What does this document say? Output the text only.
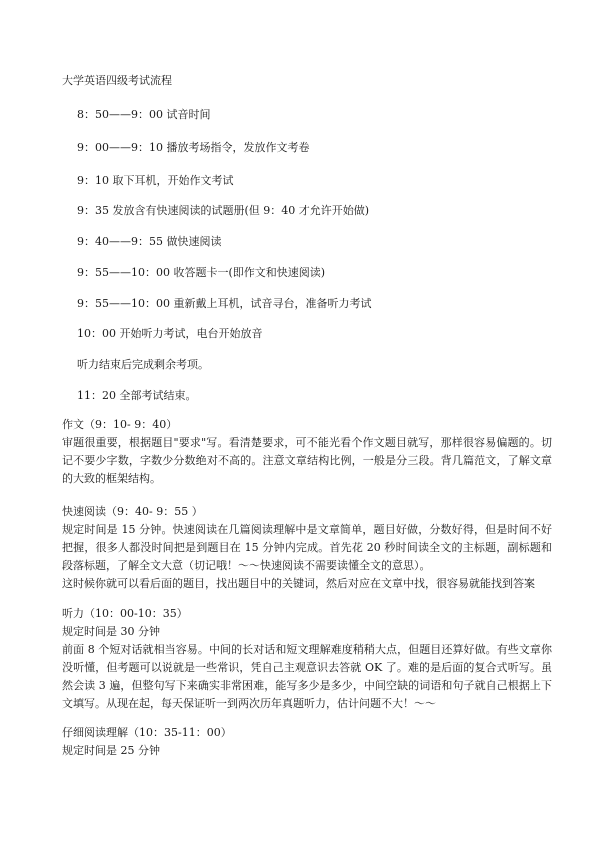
大学英语四级考试流程
8：50——9：00 试音时间
9：00——9：10 播放考场指令，发放作文考卷
9：10 取下耳机，开始作文考试
9：35 发放含有快速阅读的试题册(但 9：40 才允许开始做)
9：40——9：55 做快速阅读
9：55——10：00 收答题卡一(即作文和快速阅读)
9：55——10：00 重新戴上耳机，试音寻台，准备听力考试
10：00 开始听力考试，电台开始放音
听力结束后完成剩余考项。
11：20 全部考试结束。

作文（9：10- 9：40）

审题很重要，根据题目"要求"写。看清楚要求，可不能光看个作文题目就写，那样很容易偏题的。切记不要少字数，字数少分数绝对不高的。注意文章结构比例，一般是分三段。背几篇范文，了解文章的大致的框架结构。

快速阅读（9：40- 9：55 ）

规定时间是 15 分钟。快速阅读在几篇阅读理解中是文章简单，题目好做，分数好得，但是时间不好把握，很多人都没时间把是到题目在 15 分钟内完成。首先花 20 秒时间读全文的主标题，副标题和段落标题，了解全文大意（切记哦！～～快速阅读不需要读懂全文的意思）。

这时候你就可以看后面的题目，找出题目中的关键词，然后对应在文章中找，很容易就能找到答案

听力（10：00-10：35）

规定时间是 30 分钟

前面 8 个短对话就相当容易。中间的长对话和短文理解难度稍稍大点，但题目还算好做。有些文章你没听懂，但考题可以说就是一些常识，凭自己主观意识去答就 OK 了。难的是后面的复合式听写。虽然会读 3 遍，但整句写下来确实非常困难，能写多少是多少，中间空缺的词语和句子就自己根据上下文填写。从现在起，每天保证听一到两次历年真题听力，估计问题不大！～～

仔细阅读理解（10：35-11：00）

规定时间是 25 分钟
